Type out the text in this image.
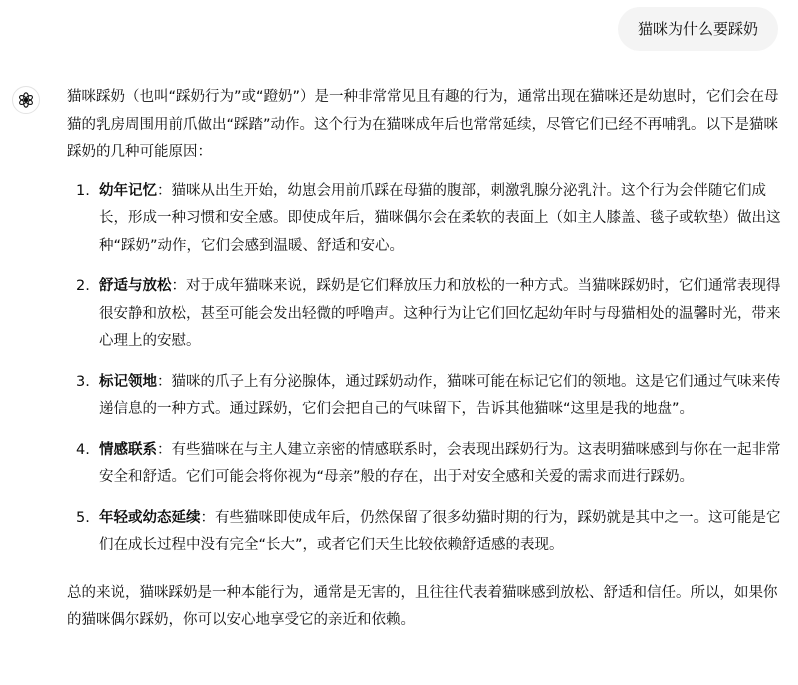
猫咪为什么要踩奶

猫咪踩奶（也叫“踩奶行为”或“蹬奶”）是一种非常常见且有趣的行为，通常出现在猫咪还是幼崽时，它们会在母猫的乳房周围用前爪做出“踩踏”动作。这个行为在猫咪成年后也常常延续，尽管它们已经不再哺乳。以下是猫咪踩奶的几种可能原因：

1. 幼年记忆：猫咪从出生开始，幼崽会用前爪踩在母猫的腹部，刺激乳腺分泌乳汁。这个行为会伴随它们成长，形成一种习惯和安全感。即使成年后，猫咪偶尔会在柔软的表面上（如主人膝盖、毯子或软垫）做出这种“踩奶”动作，它们会感到温暖、舒适和安心。
2. 舒适与放松：对于成年猫咪来说，踩奶是它们释放压力和放松的一种方式。当猫咪踩奶时，它们通常表现得很安静和放松，甚至可能会发出轻微的呼噜声。这种行为让它们回忆起幼年时与母猫相处的温馨时光，带来心理上的安慰。
3. 标记领地：猫咪的爪子上有分泌腺体，通过踩奶动作，猫咪可能在标记它们的领地。这是它们通过气味来传递信息的一种方式。通过踩奶，它们会把自己的气味留下，告诉其他猫咪“这里是我的地盘”。
4. 情感联系：有些猫咪在与主人建立亲密的情感联系时，会表现出踩奶行为。这表明猫咪感到与你在一起非常安全和舒适。它们可能会将你视为“母亲”般的存在，出于对安全感和关爱的需求而进行踩奶。
5. 年轻或幼态延续：有些猫咪即使成年后，仍然保留了很多幼猫时期的行为，踩奶就是其中之一。这可能是它们在成长过程中没有完全“长大”，或者它们天生比较依赖舒适感的表现。

总的来说，猫咪踩奶是一种本能行为，通常是无害的，且往往代表着猫咪感到放松、舒适和信任。所以，如果你的猫咪偶尔踩奶，你可以安心地享受它的亲近和依赖。
